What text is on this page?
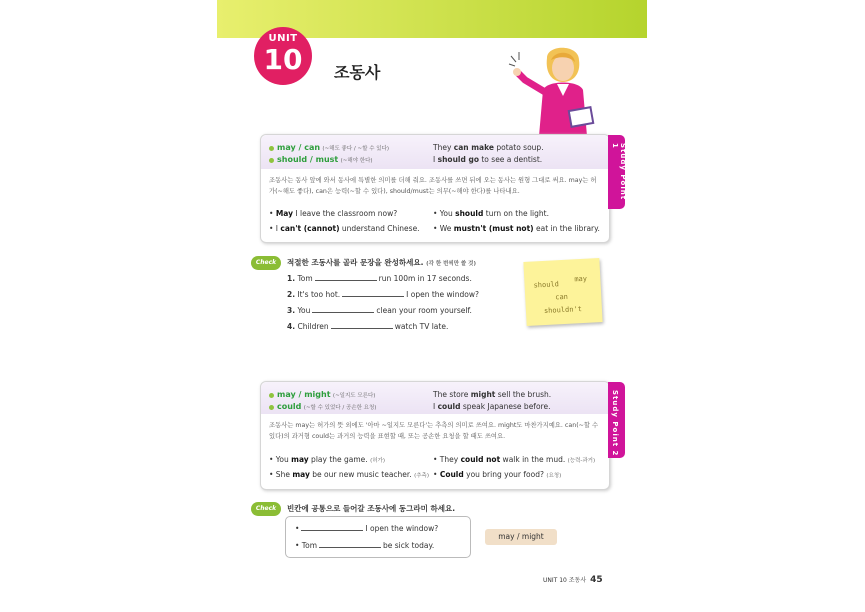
UNIT
10	조동사
Study Point 1
may / can (~해도 좋다 / ~할 수 있다)	They can make potato soup.
should / must (~해야 한다)	I should go to see a dentist.
조동사는 동사 앞에 와서 동사에 특별한 의미를 더해 줘요. 조동사를 쓰면 뒤에 오는 동사는 원형 그대로 써요. may는 허가(~해도 좋다), can은 능력(~할 수 있다), should/must는 의무(~해야 한다)를 나타내요.
• May I leave the classroom now?	• You should turn on the light.
• I can't (cannot) understand Chinese. • We mustn't (must not) eat in the library.
Check	적절한 조동사를 골라 문장을 완성하세요. (각 한 번씩만 쓸 것)
1. Tom	run 100m in 17 seconds.
2. It's too hot.	I open the window?
3. You	clean your room yourself.
4. Children	watch TV late.
should
may
can
shouldn't
Study Point 2
may / might (~일지도 모른다)	The store might sell the brush.
could (~할 수 있었다 / 공손한 요청)	I could speak Japanese before.
조동사는 may는 허가의 뜻 외에도 '아마 ~일지도 모른다'는 추측의 의미로 쓰여요. might도 마찬가지예요. can(~할 수 있다)의 과거형 could는 과거의 능력을 표현할 때, 또는 공손한 요청을 할 때도 쓰여요.
• You may play the game. (허가)	• They could not walk in the mud. (능력-과거)
• She may be our new music teacher. (추측) • Could you bring your food? (요청)
Check	빈칸에 공통으로 들어갈 조동사에 동그라미 하세요.
•	I open the window?
• Tom	be sick today.
may / might
UNIT 10 조동사 45
